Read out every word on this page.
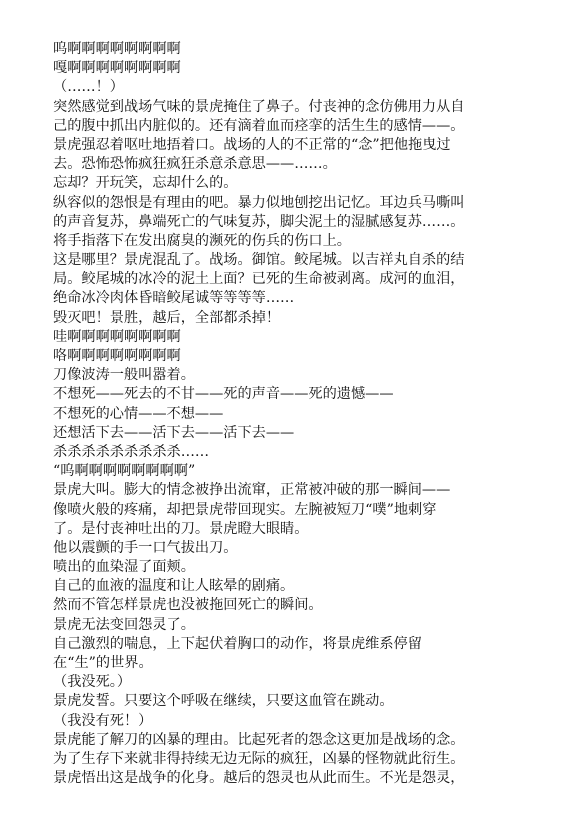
呜啊啊啊啊啊啊啊啊
嘎啊啊啊啊啊啊啊啊
（……！）
突然感觉到战场气味的景虎掩住了鼻子。付丧神的念仿佛用力从自
己的腹中抓出内脏似的。还有滴着血而痉挛的活生生的感情——。
景虎强忍着呕吐地捂着口。战场的人的不正常的“念”把他拖曳过
去。恐怖恐怖疯狂疯狂杀意杀意思——……。
忘却？开玩笑，忘却什么的。
纵容似的怨恨是有理由的吧。暴力似地刨挖出记忆。耳边兵马嘶叫
的声音复苏，鼻端死亡的气味复苏，脚尖泥土的湿腻感复苏……。
将手指落下在发出腐臭的濒死的伤兵的伤口上。
这是哪里？景虎混乱了。战场。御馆。鲛尾城。以吉祥丸自杀的结
局。鲛尾城的冰冷的泥土上面？已死的生命被剥离。成河的血泪，
绝命冰冷肉体昏暗鲛尾诚等等等等……
毁灭吧！景胜，越后，全部都杀掉！
哇啊啊啊啊啊啊啊啊
咯啊啊啊啊啊啊啊啊
刀像波涛一般叫嚣着。
不想死——死去的不甘——死的声音——死的遗憾——
不想死的心情——不想——
还想活下去——活下去——活下去——
杀杀杀杀杀杀杀杀杀……
“呜啊啊啊啊啊啊啊啊”
景虎大叫。膨大的情念被挣出流窜，正常被冲破的那一瞬间——
像喷火般的疼痛，却把景虎带回现实。左腕被短刀“噗”地刺穿
了。是付丧神吐出的刀。景虎瞪大眼睛。
他以震颤的手一口气拔出刀。
喷出的血染湿了面颊。
自己的血液的温度和让人眩晕的剧痛。
然而不管怎样景虎也没被拖回死亡的瞬间。
景虎无法变回怨灵了。
自己激烈的喘息，上下起伏着胸口的动作，将景虎维系停留
在“生”的世界。
（我没死。）
景虎发誓。只要这个呼吸在继续，只要这血管在跳动。
（我没有死！）
景虎能了解刀的凶暴的理由。比起死者的怨念这更加是战场的念。
为了生存下来就非得持续无边无际的疯狂，凶暴的怪物就此衍生。
景虎悟出这是战争的化身。越后的怨灵也从此而生。不光是怨灵，
